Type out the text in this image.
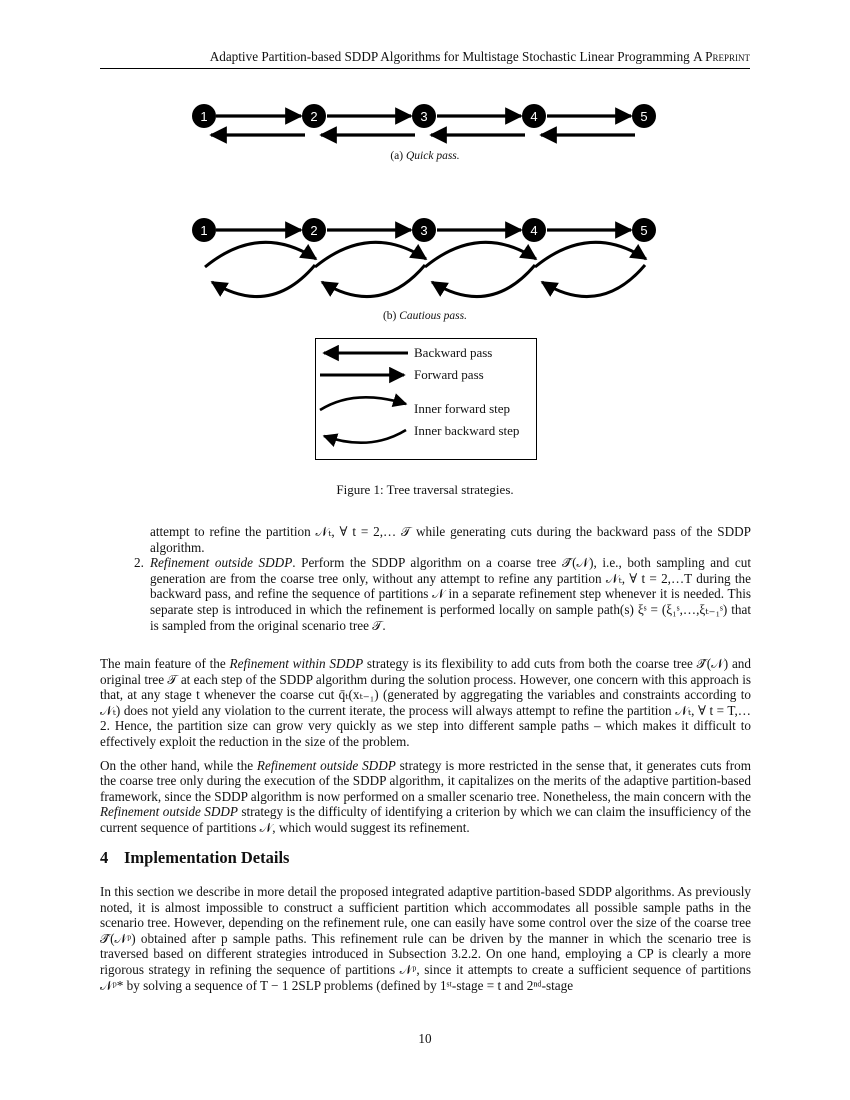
Adaptive Partition-based SDDP Algorithms for Multistage Stochastic Linear Programming A Preprint
1	2	3	4	5
1	2	3	4	5
(a) Quick pass.
(b) Cautious pass.
Backward pass
Forward pass
Inner forward step
Inner backward step
Figure 1: Tree traversal strategies.

attempt to refine the partition 𝒩ₜ, ∀ t = 2,… 𝒯 while generating cuts during the backward pass of the SDDP algorithm.

2. Refinement outside SDDP. Perform the SDDP algorithm on a coarse tree 𝒯̂(𝒩), i.e., both sampling and cut generation are from the coarse tree only, without any attempt to refine any partition 𝒩ₜ, ∀ t = 2,…T during the backward pass, and refine the sequence of partitions 𝒩 in a separate refinement step whenever it is needed. This separate step is introduced in which the refinement is performed locally on sample path(s) ξˢ = (ξ₁ˢ,…,ξₜ₋₁ˢ) that is sampled from the original scenario tree 𝒯.

The main feature of the Refinement within SDDP strategy is its flexibility to add cuts from both the coarse tree 𝒯̂(𝒩) and original tree 𝒯 at each step of the SDDP algorithm during the solution process. However, one concern with this approach is that, at any stage t whenever the coarse cut q̄ₜ(xₜ₋₁) (generated by aggregating the variables and constraints according to 𝒩ₜ) does not yield any violation to the current iterate, the process will always attempt to refine the partition 𝒩ₜ, ∀ t = T,…2. Hence, the partition size can grow very quickly as we step into different sample paths – which makes it difficult to effectively exploit the reduction in the size of the problem.

On the other hand, while the Refinement outside SDDP strategy is more restricted in the sense that, it generates cuts from the coarse tree only during the execution of the SDDP algorithm, it capitalizes on the merits of the adaptive partition-based framework, since the SDDP algorithm is now performed on a smaller scenario tree. Nonetheless, the main concern with the Refinement outside SDDP strategy is the difficulty of identifying a criterion by which we can claim the insufficiency of the current sequence of partitions 𝒩, which would suggest its refinement.

4 Implementation Details

In this section we describe in more detail the proposed integrated adaptive partition-based SDDP algorithms. As previously noted, it is almost impossible to construct a sufficient partition which accommodates all possible sample paths in the scenario tree. However, depending on the refinement rule, one can easily have some control over the size of the coarse tree 𝒯̂(𝒩ᵖ) obtained after p sample paths. This refinement rule can be driven by the manner in which the scenario tree is traversed based on different strategies introduced in Subsection 3.2.2. On one hand, employing a CP is clearly a more rigorous strategy in refining the sequence of partitions 𝒩ᵖ, since it attempts to create a sufficient sequence of partitions 𝒩ᵖ* by solving a sequence of T − 1 2SLP problems (defined by 1ˢᵗ-stage = t and 2ⁿᵈ-stage

10
